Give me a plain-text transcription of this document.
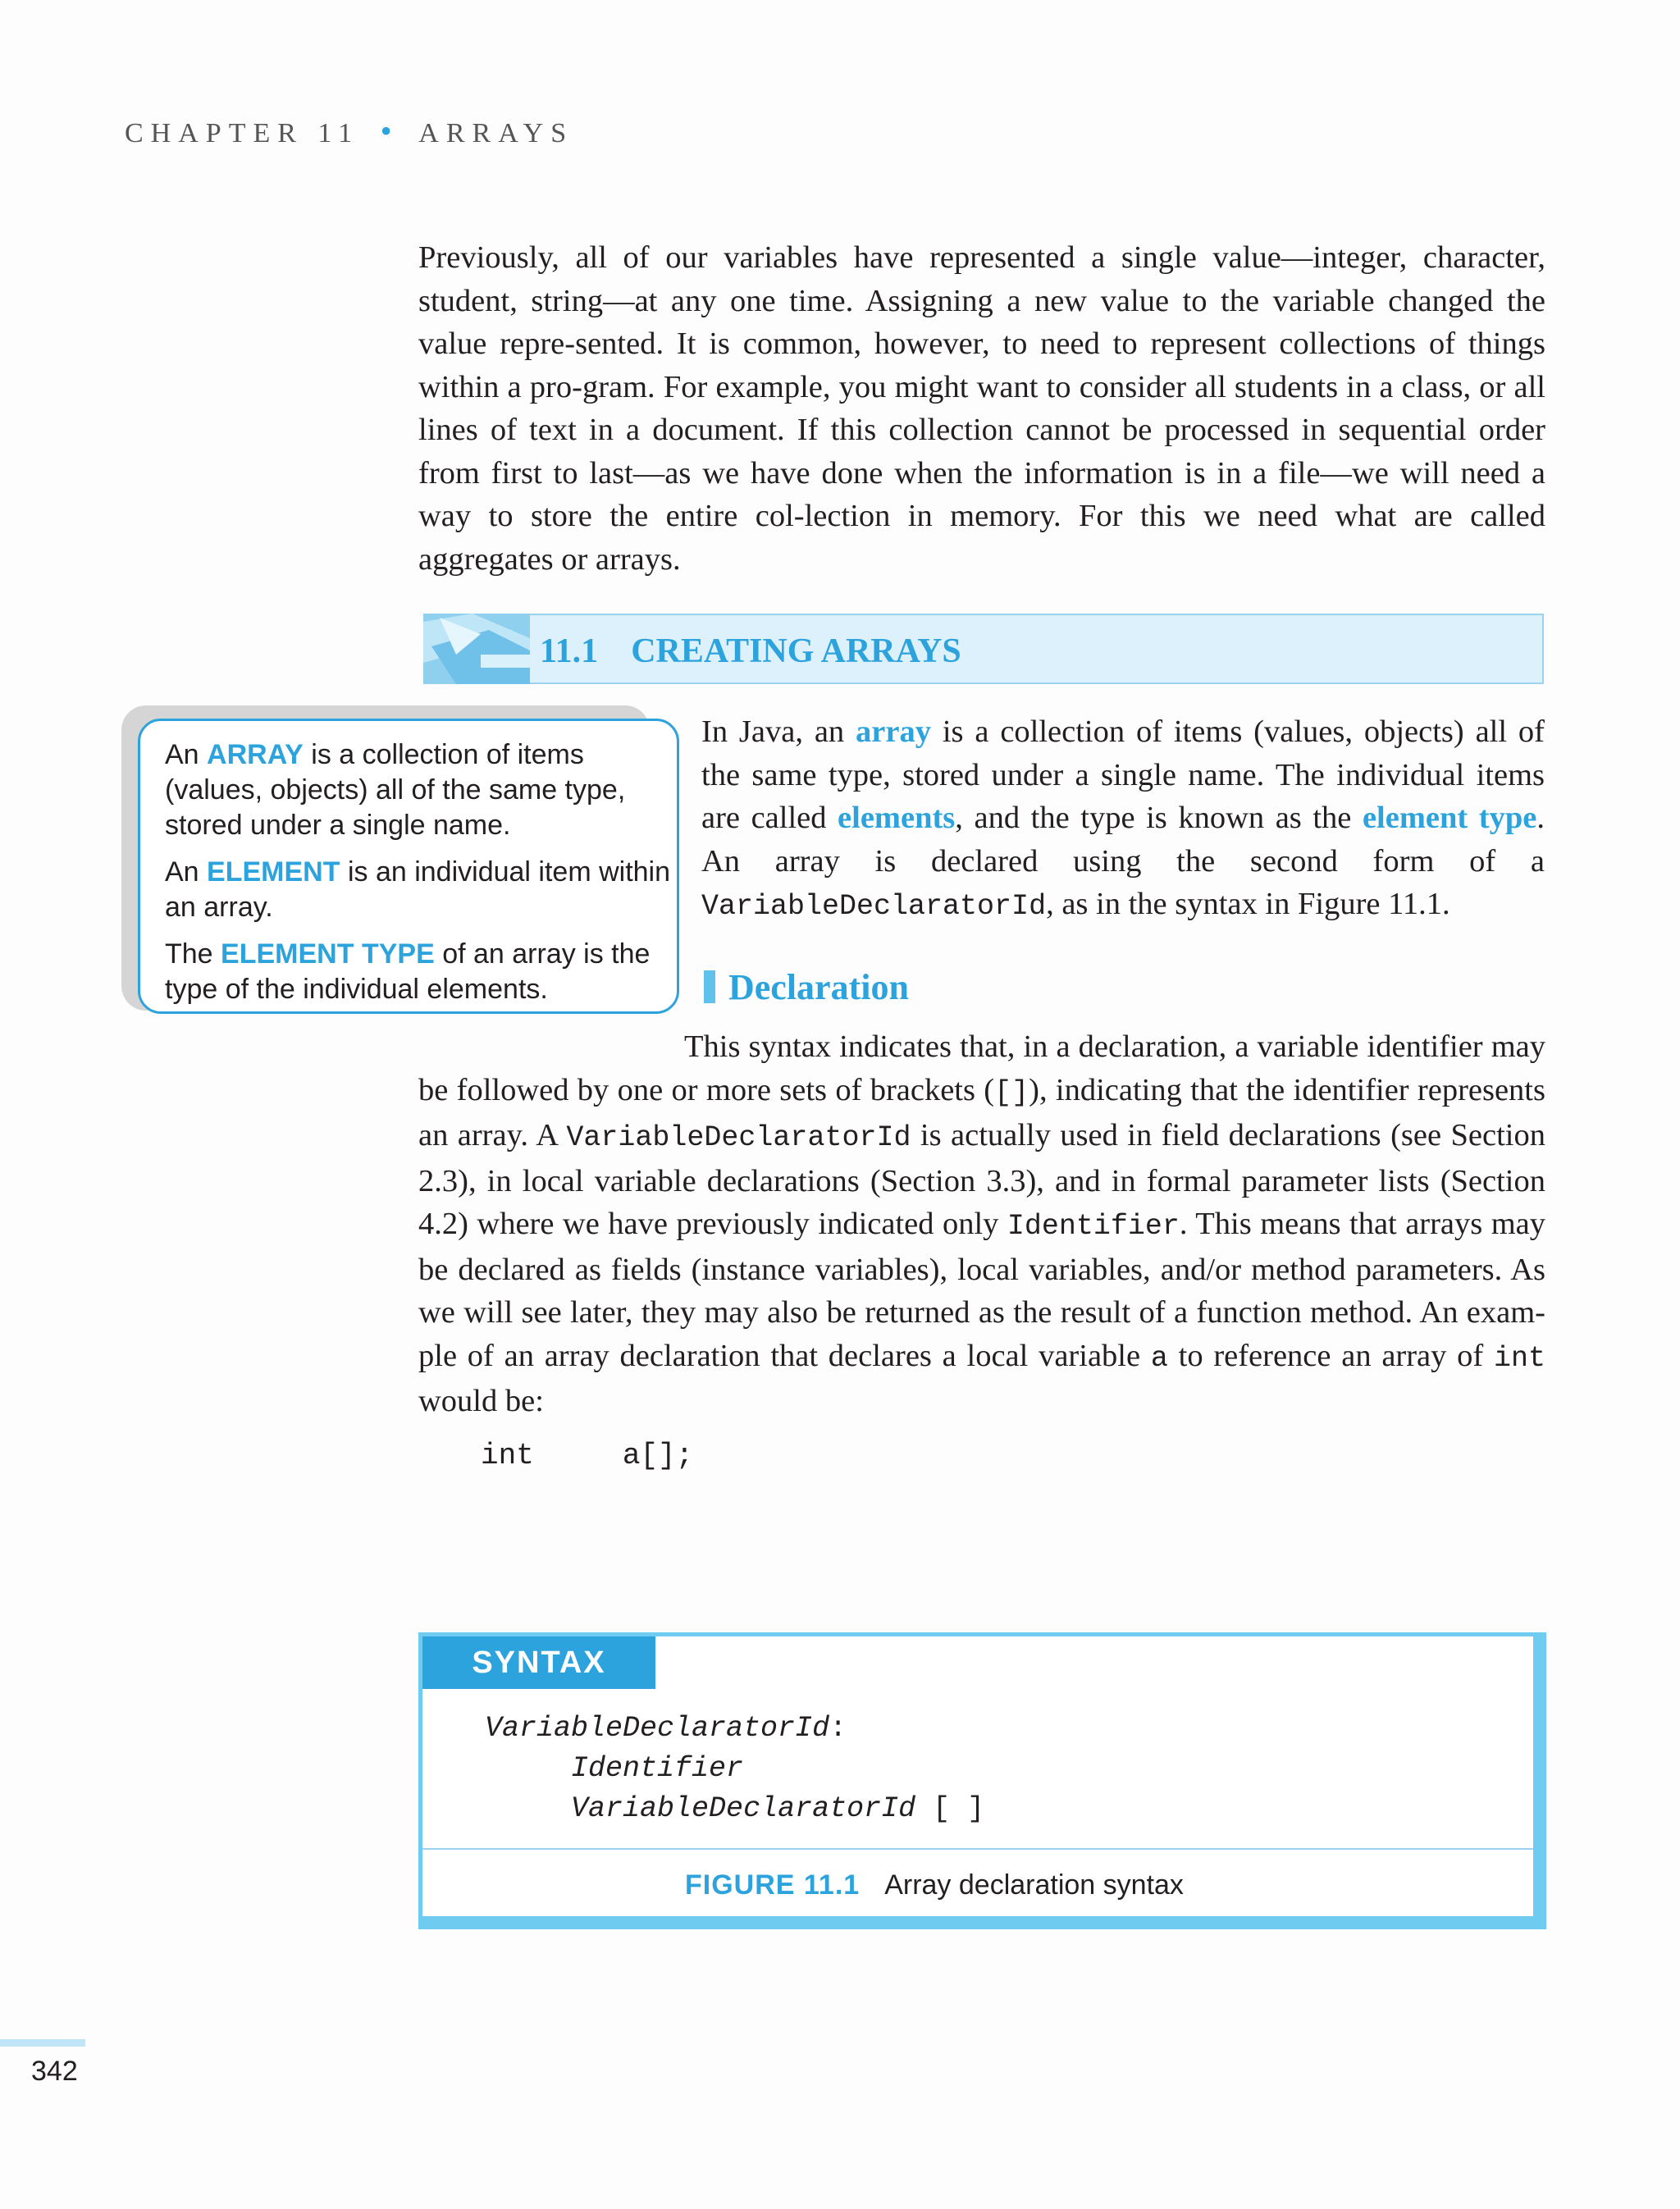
CHAPTER 11 • ARRAYS
Previously, all of our variables have represented a single value—integer, character, student, string—at any one time. Assigning a new value to the variable changed the value repre-sented. It is common, however, to need to represent collections of things within a pro-gram. For example, you might want to consider all students in a class, or all lines of text in a document. If this collection cannot be processed in sequential order from first to last—as we have done when the information is in a file—we will need a way to store the entire col-lection in memory. For this we need what are called aggregates or arrays.
11.1 CREATING ARRAYS

An ARRAY is a collection of items (values, objects) all of the same type, stored under a single name.

An ELEMENT is an individual item within an array.

The ELEMENT TYPE of an array is the type of the individual elements.

In Java, an array is a collection of items (values, objects) all of the same type, stored under a single name. The individual items are called elements, and the type is known as the element type. An array is declared using the second form of a VariableDeclaratorId, as in the syntax in Figure 11.1.
Declaration
This syntax indicates that, in a declaration, a variable identifier may be followed by one or more sets of brackets ([]), indicating that the identifier represents an array. A VariableDeclaratorId is actually used in field declarations (see Section 2.3), in local variable declarations (Section 3.3), and in formal parameter lists (Section 4.2) where we have previously indicated only Identifier. This means that arrays may be declared as fields (instance variables), local variables, and/or method parameters. As we will see later, they may also be returned as the result of a function method. An exam-ple of an array declaration that declares a local variable a to reference an array of int would be:
int     a[];
SYNTAX
VariableDeclaratorId:
Identifier
VariableDeclaratorId [ ]
FIGURE 11.1 Array declaration syntax
342
